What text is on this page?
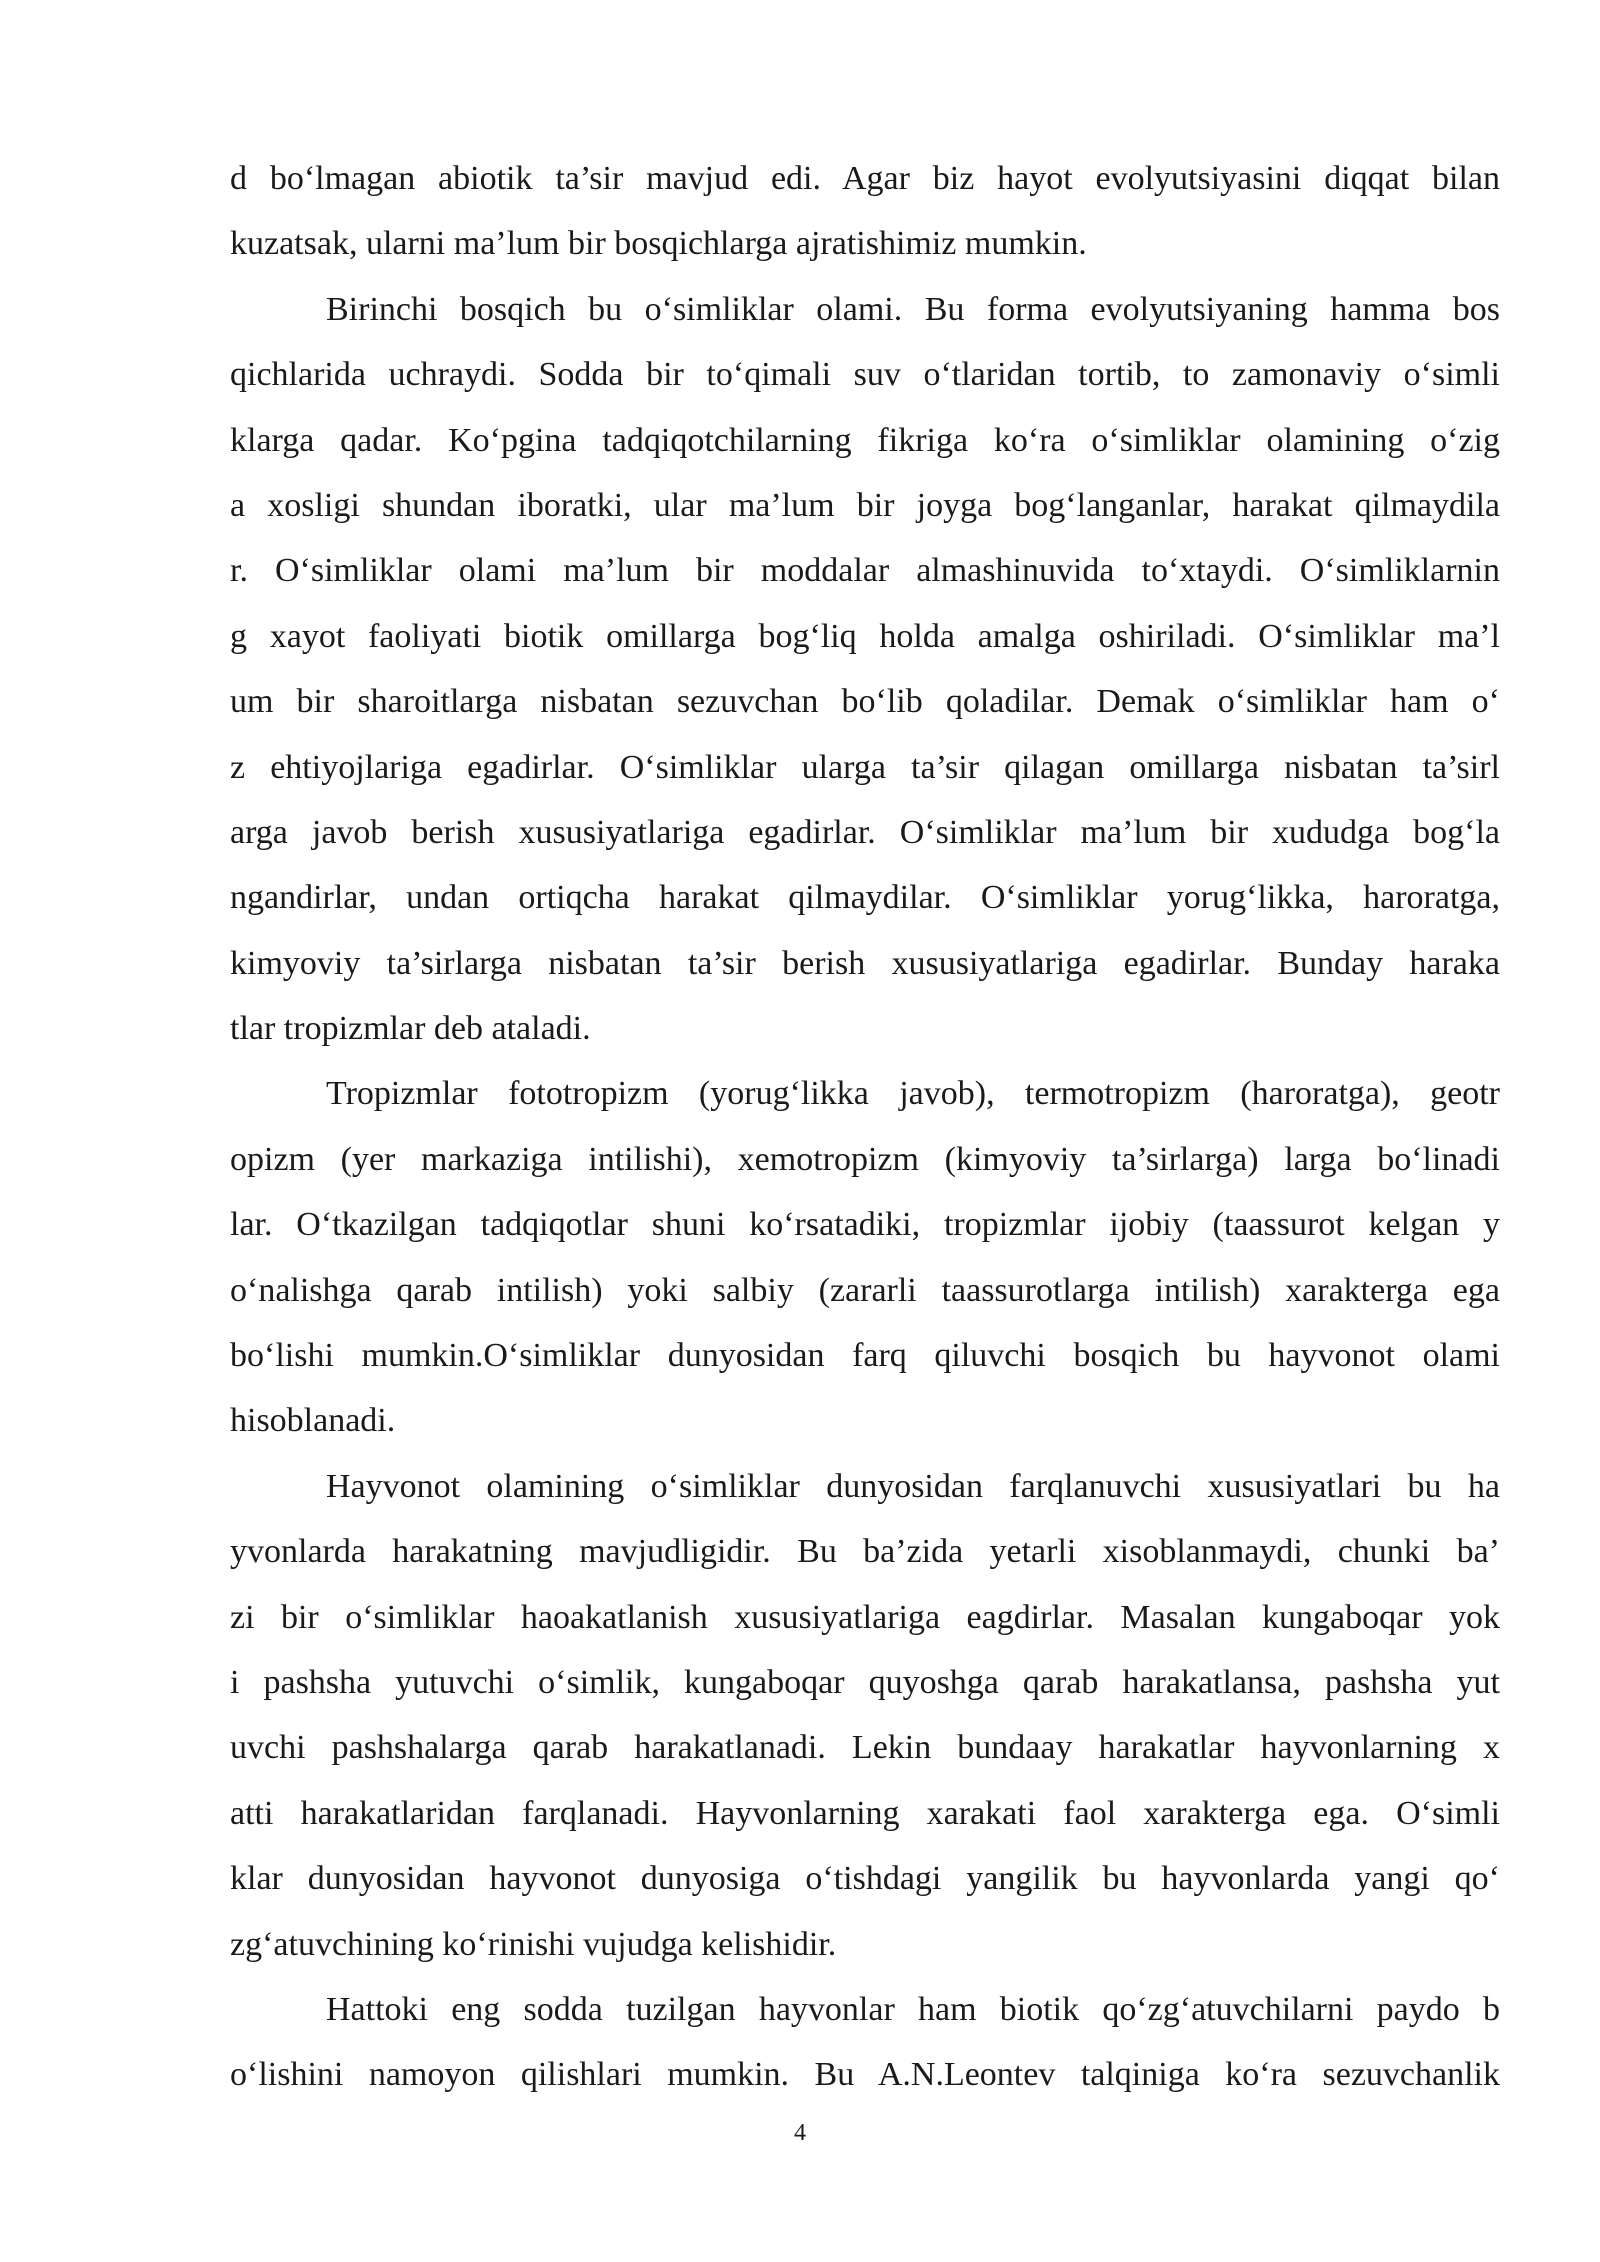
d bo‘lmagan abiotik ta’sir mavjud edi. Agar biz hayot evolyutsiyasini diqqat bilan
kuzatsak, ularni ma’lum bir bosqichlarga ajratishimiz mumkin.
Birinchi bosqich bu o‘simliklar olami. Bu forma evolyutsiyaning hamma bos
qichlarida uchraydi. Sodda bir to‘qimali suv o‘tlaridan tortib, to zamonaviy o‘simli
klarga qadar. Ko‘pgina tadqiqotchilarning fikriga ko‘ra o‘simliklar olamining o‘zig
a xosligi shundan iboratki, ular ma’lum bir joyga bog‘langanlar, harakat qilmaydila
r. O‘simliklar olami ma’lum bir moddalar almashinuvida to‘xtaydi. O‘simliklarnin
g xayot faoliyati biotik omillarga bog‘liq holda amalga oshiriladi. O‘simliklar ma’l
um bir sharoitlarga nisbatan sezuvchan bo‘lib qoladilar. Demak o‘simliklar ham o‘
z ehtiyojlariga egadirlar. O‘simliklar ularga ta’sir qilagan omillarga nisbatan ta’sirl
arga javob berish xususiyatlariga egadirlar. O‘simliklar ma’lum bir xududga bog‘la
ngandirlar, undan ortiqcha harakat qilmaydilar. O‘simliklar yorug‘likka, haroratga,
kimyoviy ta’sirlarga nisbatan ta’sir berish xususiyatlariga egadirlar. Bunday haraka
tlar tropizmlar deb ataladi.
Tropizmlar fototropizm (yorug‘likka javob), termotropizm (haroratga), geotr
opizm (yer markaziga intilishi), xemotropizm (kimyoviy ta’sirlarga) larga bo‘linadi
lar. O‘tkazilgan tadqiqotlar shuni ko‘rsatadiki, tropizmlar ijobiy (taassurot kelgan y
o‘nalishga qarab intilish) yoki salbiy (zararli taassurotlarga intilish) xarakterga ega
bo‘lishi mumkin.O‘simliklar dunyosidan farq qiluvchi bosqich bu hayvonot olami
hisoblanadi.
Hayvonot olamining o‘simliklar dunyosidan farqlanuvchi xususiyatlari bu ha
yvonlarda harakatning mavjudligidir. Bu ba’zida yetarli xisoblanmaydi, chunki ba’
zi bir o‘simliklar haoakatlanish xususiyatlariga eagdirlar. Masalan kungaboqar yok
i pashsha yutuvchi o‘simlik, kungaboqar quyoshga qarab harakatlansa, pashsha yut
uvchi pashshalarga qarab harakatlanadi. Lekin bundaay harakatlar hayvonlarning x
atti harakatlaridan farqlanadi. Hayvonlarning xarakati faol xarakterga ega. O‘simli
klar dunyosidan hayvonot dunyosiga o‘tishdagi yangilik bu hayvonlarda yangi qo‘
zg‘atuvchining ko‘rinishi vujudga kelishidir.
Hattoki eng sodda tuzilgan hayvonlar ham biotik qo‘zg‘atuvchilarni paydo b
o‘lishini namoyon qilishlari mumkin. Bu A.N.Leontev talqiniga ko‘ra sezuvchanlik
4
